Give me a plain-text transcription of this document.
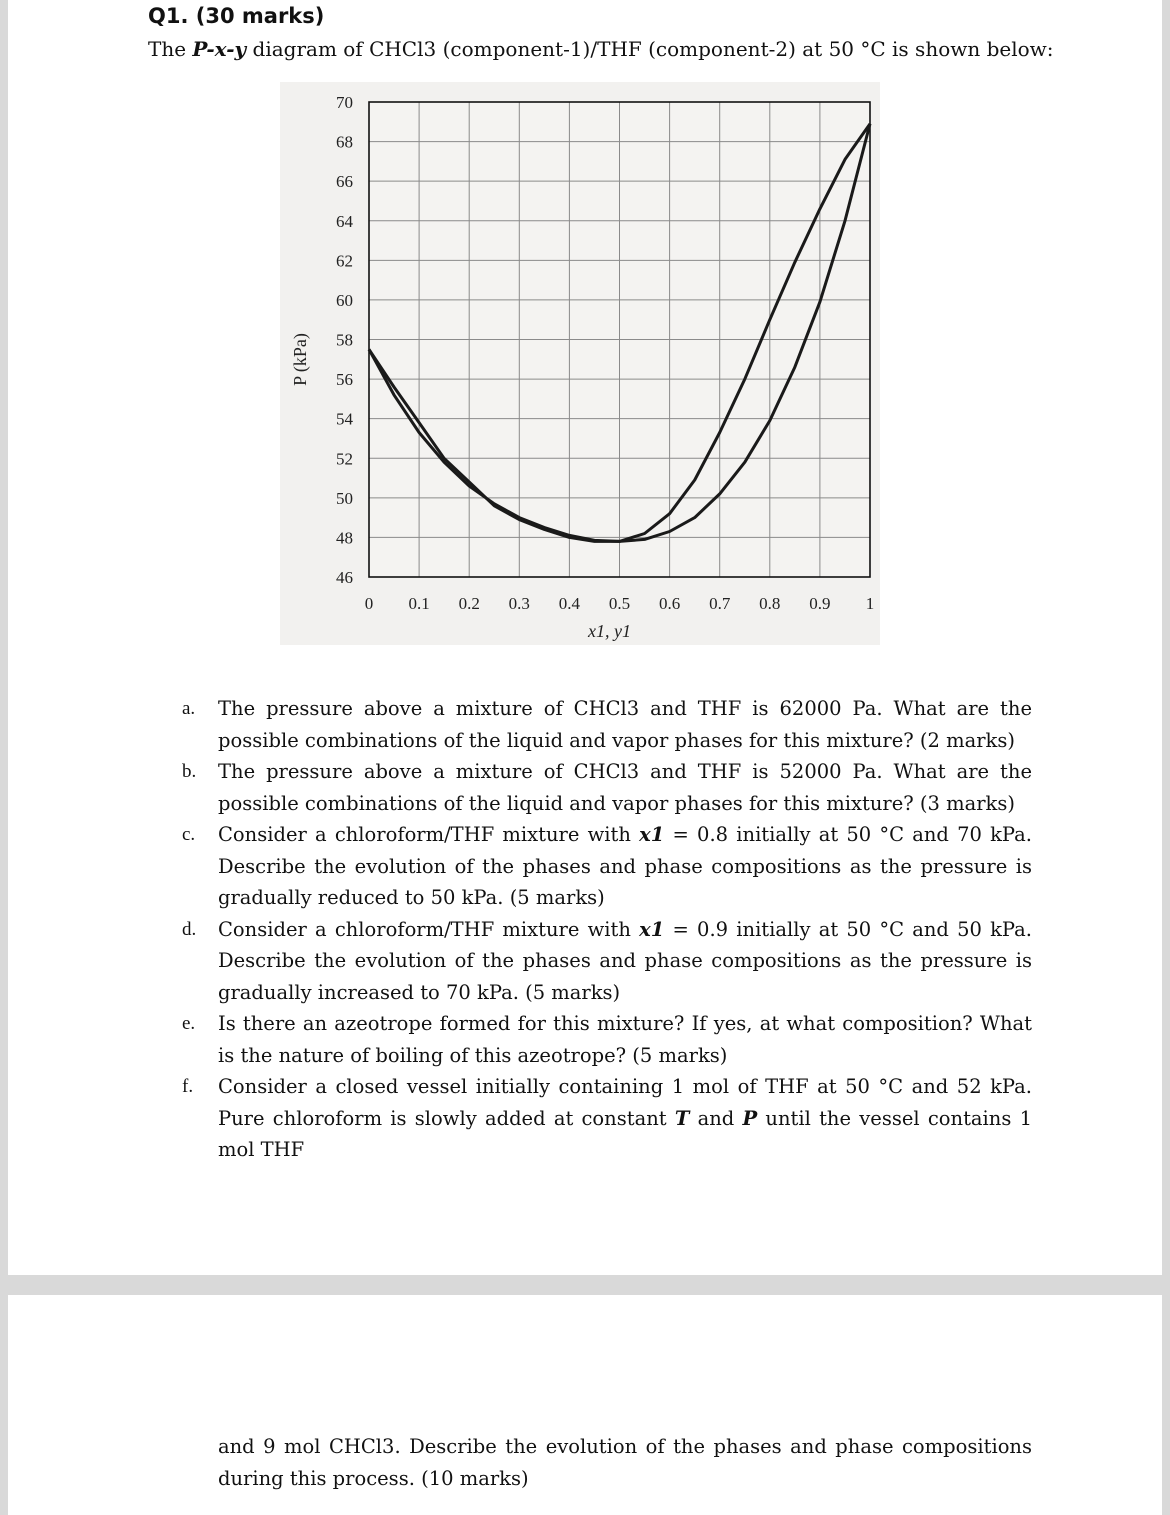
Q1. (30 marks)

The P-x-y diagram of CHCl3 (component-1)/THF (component-2) at 50 °C is shown below:

0 0.1 0.2 0.3 0.4 0.5 0.6 0.7 0.8 0.9 1
46
48
50
52
54
56
58
60
62
64
66
68
70
x1, y1
P (kPa)
a. The pressure above a mixture of CHCl3 and THF is 62000 Pa. What are the possible combinations of the liquid and vapor phases for this mixture? (2 marks)
b. The pressure above a mixture of CHCl3 and THF is 52000 Pa. What are the possible combinations of the liquid and vapor phases for this mixture? (3 marks)
c. Consider a chloroform/THF mixture with x1 = 0.8 initially at 50 °C and 70 kPa. Describe the evolution of the phases and phase compositions as the pressure is gradually reduced to 50 kPa. (5 marks)
d. Consider a chloroform/THF mixture with x1 = 0.9 initially at 50 °C and 50 kPa. Describe the evolution of the phases and phase compositions as the pressure is gradually increased to 70 kPa. (5 marks)
e. Is there an azeotrope formed for this mixture? If yes, at what composition? What is the nature of boiling of this azeotrope? (5 marks)
f. Consider a closed vessel initially containing 1 mol of THF at 50 °C and 52 kPa. Pure chloroform is slowly added at constant T and P until the vessel contains 1 mol THF

and 9 mol CHCl3. Describe the evolution of the phases and phase compositions during this process. (10 marks)
